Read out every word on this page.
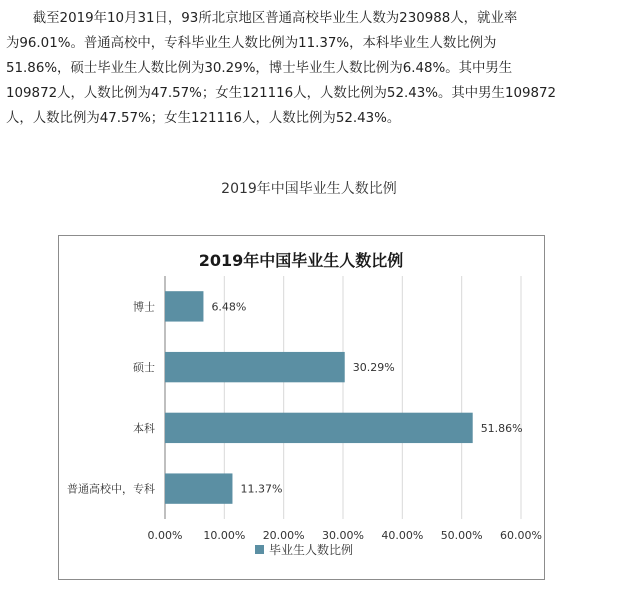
　　截至2019年10月31日，93所北京地区普通高校毕业生人数为230988人，就业率
为96.01%。普通高校中，专科毕业生人数比例为11.37%，本科毕业生人数比例为
51.86%，硕士毕业生人数比例为30.29%，博士毕业生人数比例为6.48%。其中男生
109872人，人数比例为47.57%；女生121116人，人数比例为52.43%。其中男生109872
人，人数比例为47.57%；女生121116人，人数比例为52.43%。
2019年中国毕业生人数比例
2019年中国毕业生人数比例
6.48%
30.29%
51.86%
11.37%
0.00% 10.00% 20.00% 30.00% 40.00% 50.00% 60.00%
博士
硕士
本科
普通高校中，专科
毕业生人数比例
